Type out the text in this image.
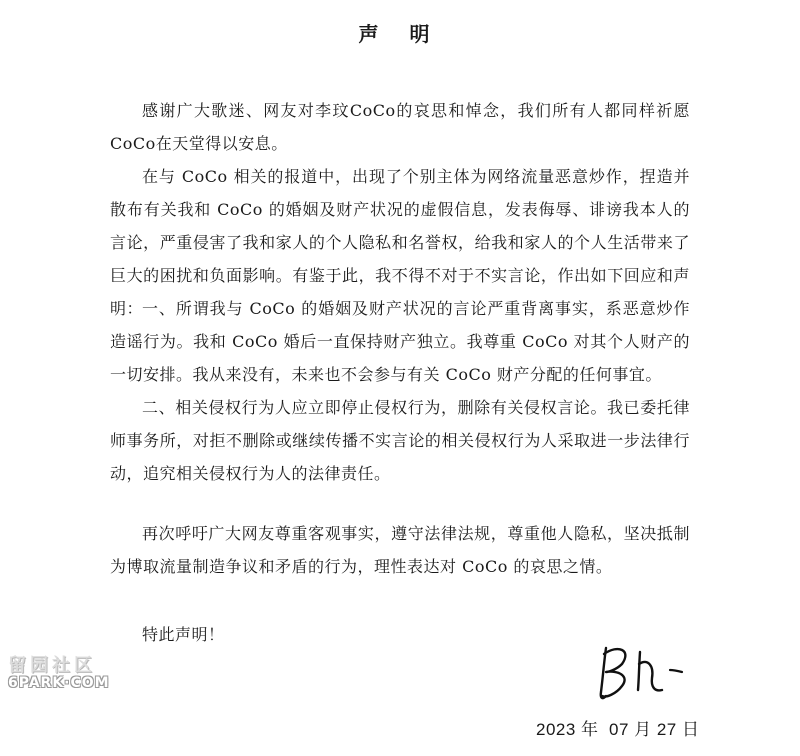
声 明

感谢广大歌迷、网友对李玟CoCo的哀思和悼念，我们所有人都同样祈愿CoCo在天堂得以安息。

在与 CoCo 相关的报道中，出现了个别主体为网络流量恶意炒作，捏造并散布有关我和 CoCo 的婚姻及财产状况的虚假信息，发表侮辱、诽谤我本人的言论，严重侵害了我和家人的个人隐私和名誉权，给我和家人的个人生活带来了巨大的困扰和负面影响。有鉴于此，我不得不对于不实言论，作出如下回应和声明：

一、所谓我与 CoCo 的婚姻及财产状况的言论严重背离事实，系恶意炒作造谣行为。我和 CoCo 婚后一直保持财产独立。我尊重 CoCo 对其个人财产的一切安排。我从来没有，未来也不会参与有关 CoCo 财产分配的任何事宜。

二、相关侵权行为人应立即停止侵权行为，删除有关侵权言论。我已委托律师事务所，对拒不删除或继续传播不实言论的相关侵权行为人采取进一步法律行动，追究相关侵权行为人的法律责任。

再次呼吁广大网友尊重客观事实，遵守法律法规，尊重他人隐私，坚决抵制为博取流量制造争议和矛盾的行为，理性表达对 CoCo 的哀思之情。

特此声明！

留园社区
6PARK·COM
2023 年  07 月 27 日
